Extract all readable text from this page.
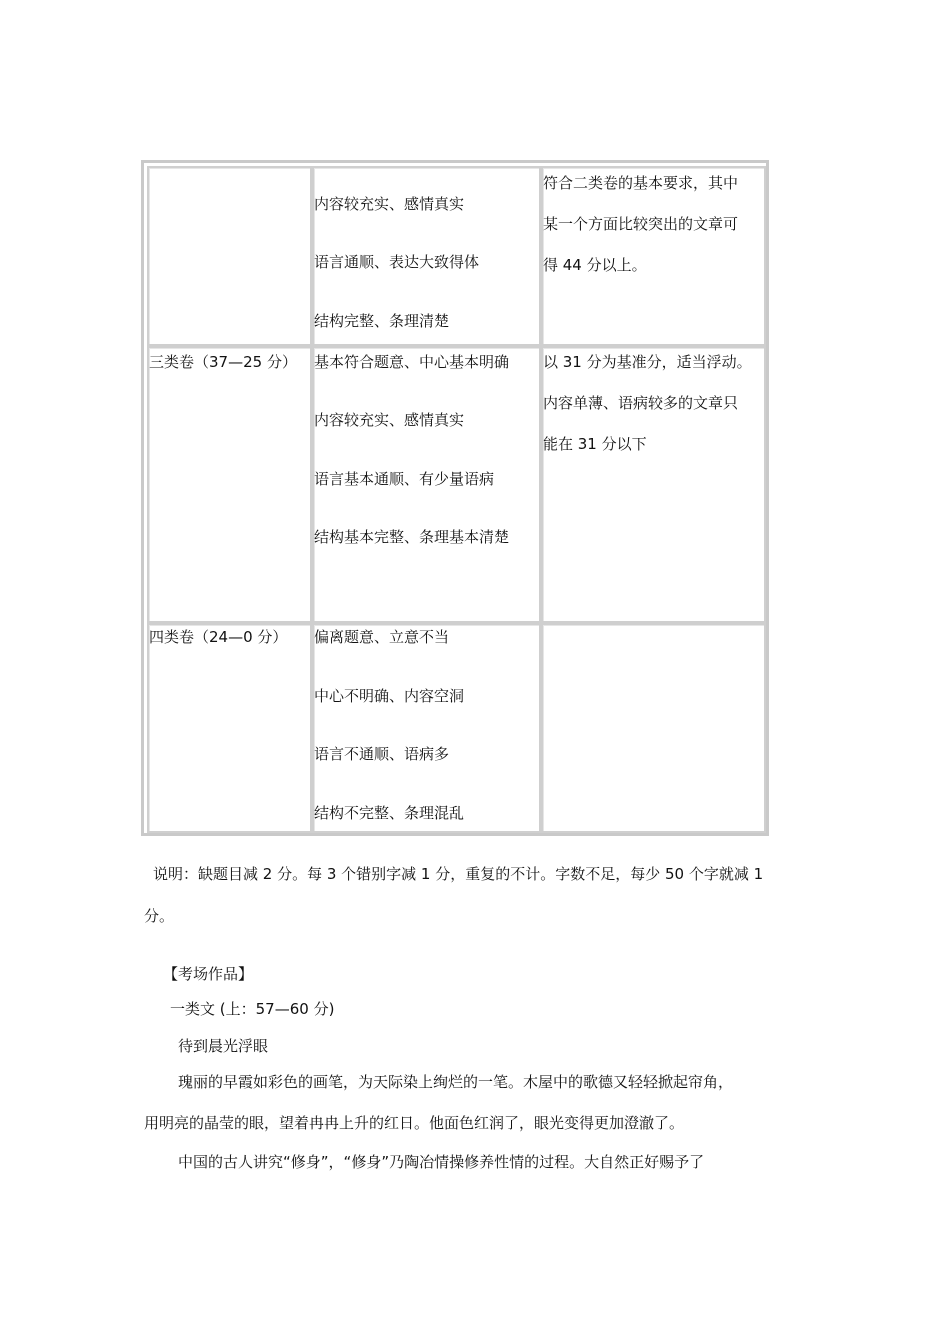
内容较充实、感情真实
语言通顺、表达大致得体
结构完整、条理清楚
符合二类卷的基本要求，其中
某一个方面比较突出的文章可
得 44 分以上。
三类卷（37—25 分） 基本符合题意、中心基本明确
内容较充实、感情真实
语言基本通顺、有少量语病
结构基本完整、条理基本清楚
以 31 分为基准分，适当浮动。
内容单薄、语病较多的文章只
能在 31 分以下
四类卷（24—0 分） 偏离题意、立意不当
中心不明确、内容空洞
语言不通顺、语病多
结构不完整、条理混乱
说明：缺题目减 2 分。每 3 个错别字减 1 分，重复的不计。字数不足，每少 50 个字就减 1
分。
【考场作品】
一类文 (上：57—60 分)
待到晨光浮眼
瑰丽的早霞如彩色的画笔，为天际染上绚烂的一笔。木屋中的歌德又轻轻掀起帘角，
用明亮的晶莹的眼，望着冉冉上升的红日。他面色红润了，眼光变得更加澄澈了。
中国的古人讲究“修身”，“修身”乃陶冶情操修养性情的过程。大自然正好赐予了
